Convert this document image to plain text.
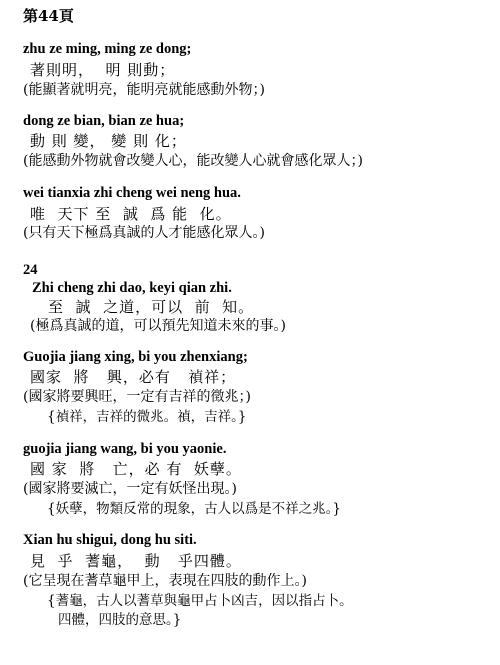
第44頁
zhu ze ming, ming ze dong;
著則明，  明 則動；
(能顯著就明亮，能明亮就能感動外物；)
dong ze bian, bian ze hua;
動 則 變， 變 則 化；
(能感動外物就會改變人心，能改變人心就會感化眾人；)
wei tianxia zhi cheng wei neng hua.
唯  天下 至  誠  爲 能  化。
(只有天下極爲真誠的人才能感化眾人。)
24
Zhi cheng zhi dao, keyi qian zhi.
至  誠  之道，可以  前  知。
(極爲真誠的道，可以預先知道未來的事。)
Guojia jiang xing, bi you zhenxiang;
國家  將   興，必有   禎祥；
(國家將要興旺，一定有吉祥的徵兆；)
{禎祥，吉祥的微兆。禎，吉祥。}
guojia jiang wang, bi you yaonie.
國 家  將   亡，必 有  妖孽。
(國家將要滅亡，一定有妖怪出現。)
{妖孽，物類反常的現象，古人以爲是不祥之兆。}
Xian hu shigui, dong hu siti.
見  乎  蓍龜，  動   乎四體。
(它呈現在蓍草龜甲上，表現在四肢的動作上。)
{蓍龜，古人以蓍草與龜甲占卜凶吉，因以指占卜。
四體，四肢的意思。}
